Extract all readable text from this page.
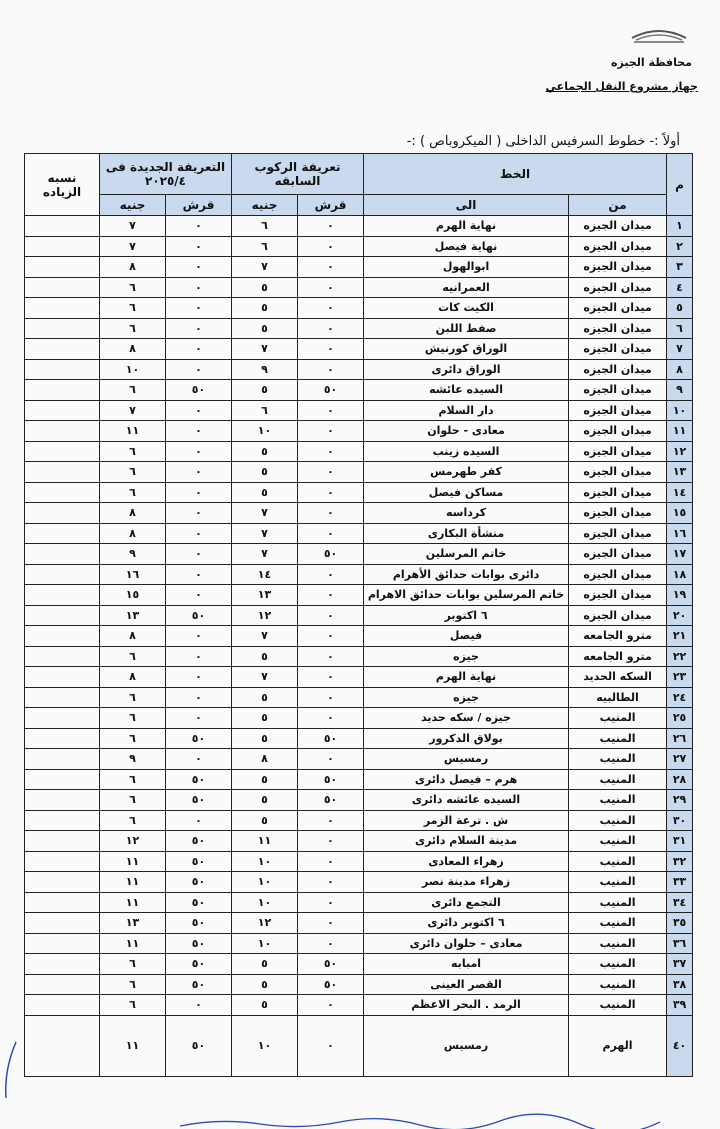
محافظة الجيزه
جهاز مشروع النقل الجماعي
أولاً :- خطوط السرفيس الداخلى ( الميكروباص ) :-
م	الخط		تعريفة الركوب السابقه		التعريفة الجديدة فى ٢٠٢٥/٤		نسبه الزياده
	من	الى	قرش	جنيه	قرش	جنيه	
١	ميدان الجيزه	نهاية الهرم	٠	٦	٠	٧	
٢	ميدان الجيزه	نهاية فيصل	٠	٦	٠	٧	
٣	ميدان الجيزه	ابوالهول	٠	٧	٠	٨	
٤	ميدان الجيزه	العمرانيه	٠	٥	٠	٦	
٥	ميدان الجيزه	الكيت كات	٠	٥	٠	٦	
٦	ميدان الجيزه	صفط اللبن	٠	٥	٠	٦	
٧	ميدان الجيزه	الوراق كورنيش	٠	٧	٠	٨	
٨	ميدان الجيزه	الوراق دائرى	٠	٩	٠	١٠	
٩	ميدان الجيزه	السيده عائشه	٥٠	٥	٥٠	٦	
١٠	ميدان الجيزه	دار السلام	٠	٦	٠	٧	
١١	ميدان الجيزه	معادى - حلوان	٠	١٠	٠	١١	
١٢	ميدان الجيزه	السيده زينب	٠	٥	٠	٦	
١٣	ميدان الجيزه	كفر طهرمس	٠	٥	٠	٦	
١٤	ميدان الجيزه	مساكن فيصل	٠	٥	٠	٦	
١٥	ميدان الجيزه	كرداسه	٠	٧	٠	٨	
١٦	ميدان الجيزه	منشأة البكارى	٠	٧	٠	٨	
١٧	ميدان الجيزه	خاتم المرسلين	٥٠	٧	٠	٩	
١٨	ميدان الجيزه	دائرى بوابات حدائق الأهرام	٠	١٤	٠	١٦	
١٩	ميدان الجيزه	خاتم المرسلين بوابات حدائق الاهرام	٠	١٣	٠	١٥	
٢٠	ميدان الجيزه	٦ اكتوبر	٠	١٢	٥٠	١٣	
٢١	مترو الجامعه	فيصل	٠	٧	٠	٨	
٢٢	مترو الجامعه	جيزه	٠	٥	٠	٦	
٢٣	السكه الحديد	نهاية الهرم	٠	٧	٠	٨	
٢٤	الطالبيه	جيزه	٠	٥	٠	٦	
٢٥	المنيب	جيزه / سكه حديد	٠	٥	٠	٦	
٢٦	المنيب	بولاق الدكرور	٥٠	٥	٥٠	٦	
٢٧	المنيب	رمسيس	٠	٨	٠	٩	
٢٨	المنيب	هرم – فيصل دائرى	٥٠	٥	٥٠	٦	
٢٩	المنيب	السيده عائشه دائرى	٥٠	٥	٥٠	٦	
٣٠	المنيب	ش . ترعة الزمر	٠	٥	٠	٦	
٣١	المنيب	مدينة السلام دائرى	٠	١١	٥٠	١٢	
٣٢	المنيب	زهراء المعادى	٠	١٠	٥٠	١١	
٣٣	المنيب	زهراء مدينة نصر	٠	١٠	٥٠	١١	
٣٤	المنيب	التجمع دائرى	٠	١٠	٥٠	١١	
٣٥	المنيب	٦ اكتوبر دائرى	٠	١٢	٥٠	١٣	
٣٦	المنيب	معادى – حلوان دائرى	٠	١٠	٥٠	١١	
٣٧	المنيب	امبابه	٥٠	٥	٥٠	٦	
٣٨	المنيب	القصر العينى	٥٠	٥	٥٠	٦	
٣٩	المنيب	الرمد . البحر الاعظم	٠	٥	٠	٦	
٤٠	الهرم	رمسيس	٠	١٠	٥٠	١١	
